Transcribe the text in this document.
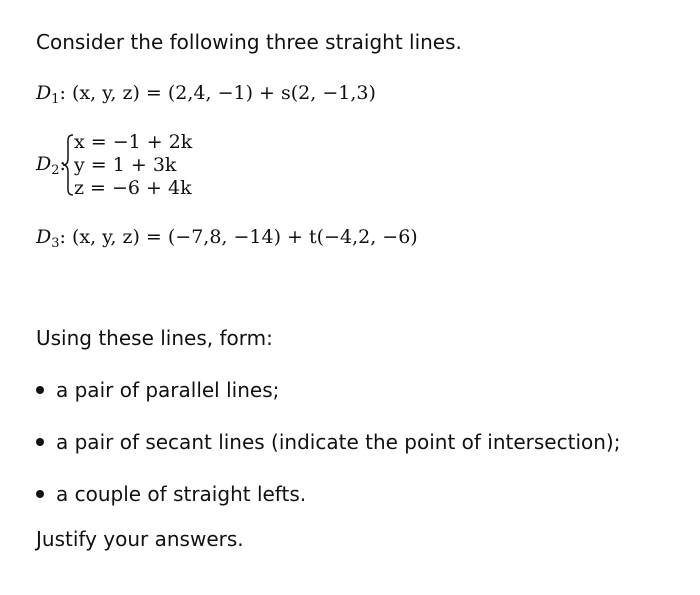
Consider the following three straight lines.
$D_1$: (x, y, z) = (2,4, −1) + s(2, −1,3)
$D_2$:
x = −1 + 2k
y = 1 + 3k
z = −6 + 4k
$D_3$: (x, y, z) = (−7,8, −14) + t(−4,2, −6)
Using these lines, form:
a pair of parallel lines;
a pair of secant lines (indicate the point of intersection);
a couple of straight lefts.
Justify your answers.
